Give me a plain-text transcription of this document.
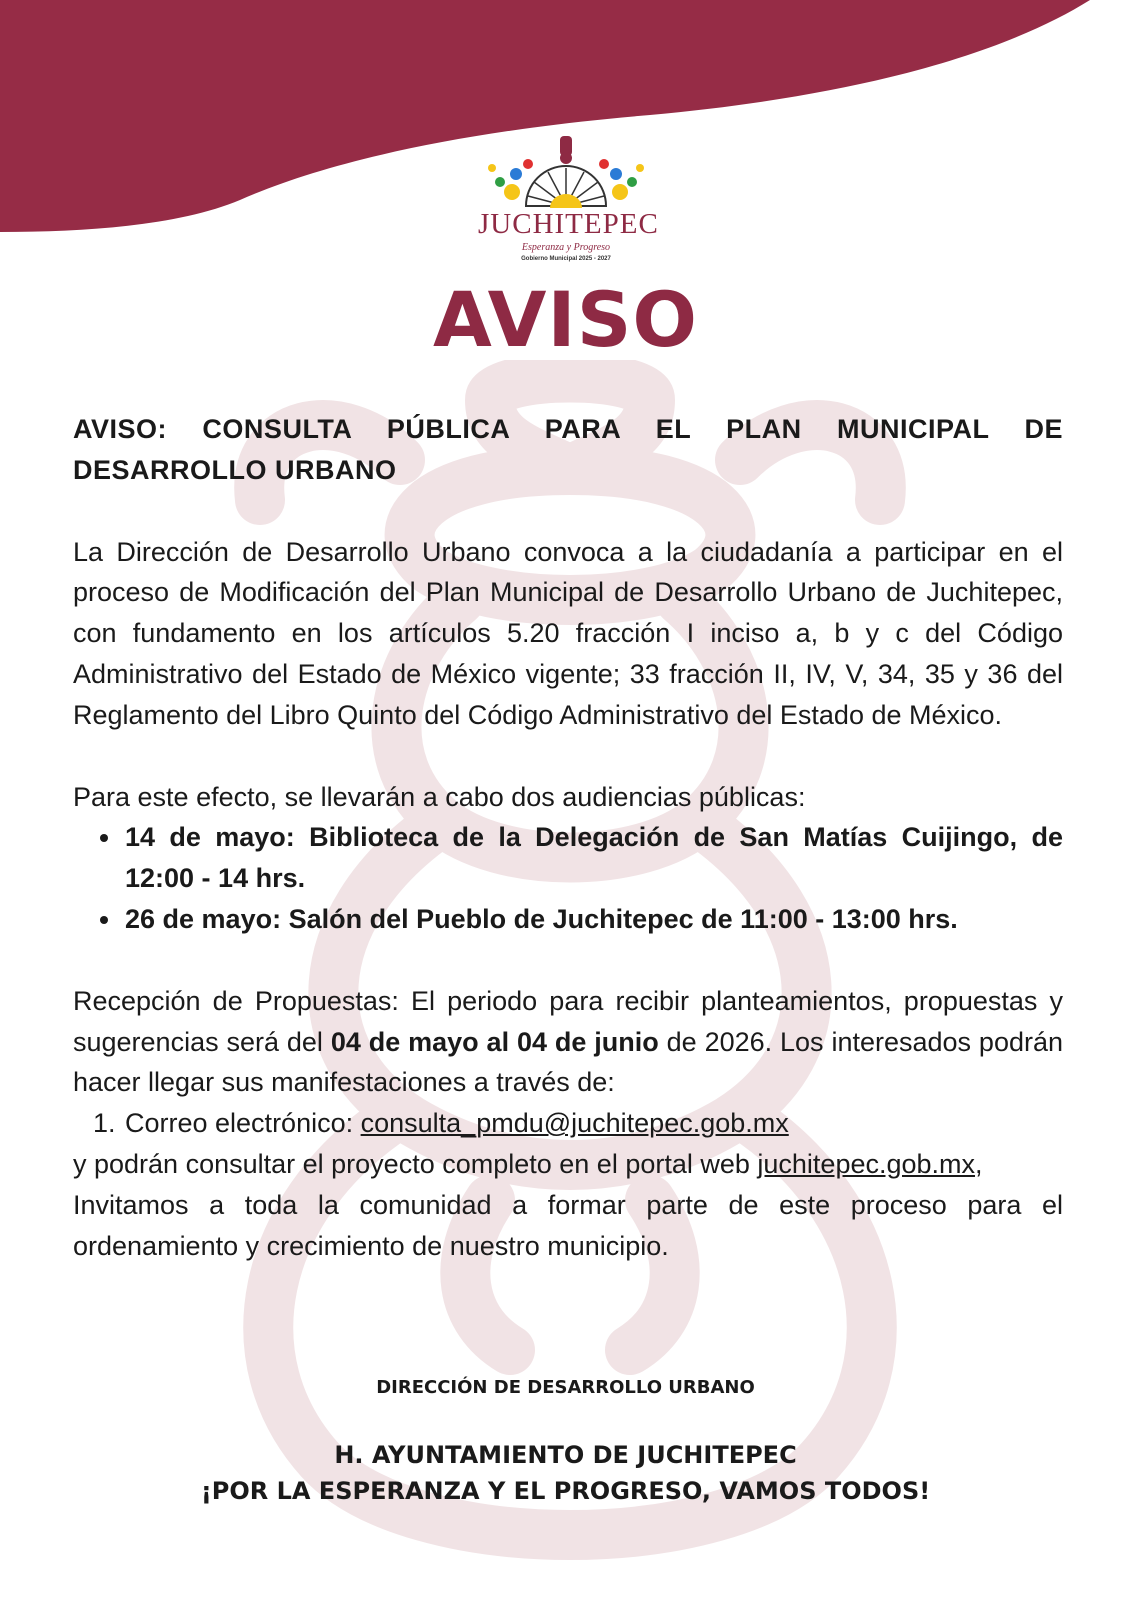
JUCHITEPEC
Esperanza y Progreso
Gobierno Municipal 2025 - 2027
AVISO

AVISO: CONSULTA PÚBLICA PARA EL PLAN MUNICIPAL DE DESARROLLO URBANO

La Dirección de Desarrollo Urbano convoca a la ciudadanía a participar en el proceso de Modificación del Plan Municipal de Desarrollo Urbano de Juchitepec, con fundamento en los artículos 5.20 fracción I inciso a, b y c del Código Administrativo del Estado de México vigente; 33 fracción II, IV, V, 34, 35 y 36 del Reglamento del Libro Quinto del Código Administrativo del Estado de México.

Para este efecto, se llevarán a cabo dos audiencias públicas:

• 14 de mayo: Biblioteca de la Delegación de San Matías Cuijingo, de 12:00 - 14 hrs.
• 26 de mayo: Salón del Pueblo de Juchitepec de 11:00 - 13:00 hrs.

Recepción de Propuestas: El periodo para recibir planteamientos, propuestas y sugerencias será del 04 de mayo al 04 de junio de 2026. Los interesados podrán hacer llegar sus manifestaciones a través de:

1. Correo electrónico: consulta_pmdu@juchitepec.gob.mx

y podrán consultar el proyecto completo en el portal web juchitepec.gob.mx,

Invitamos a toda la comunidad a formar parte de este proceso para el ordenamiento y crecimiento de nuestro municipio.

DIRECCIÓN DE DESARROLLO URBANO
H. AYUNTAMIENTO DE JUCHITEPEC
¡POR LA ESPERANZA Y EL PROGRESO, VAMOS TODOS!
